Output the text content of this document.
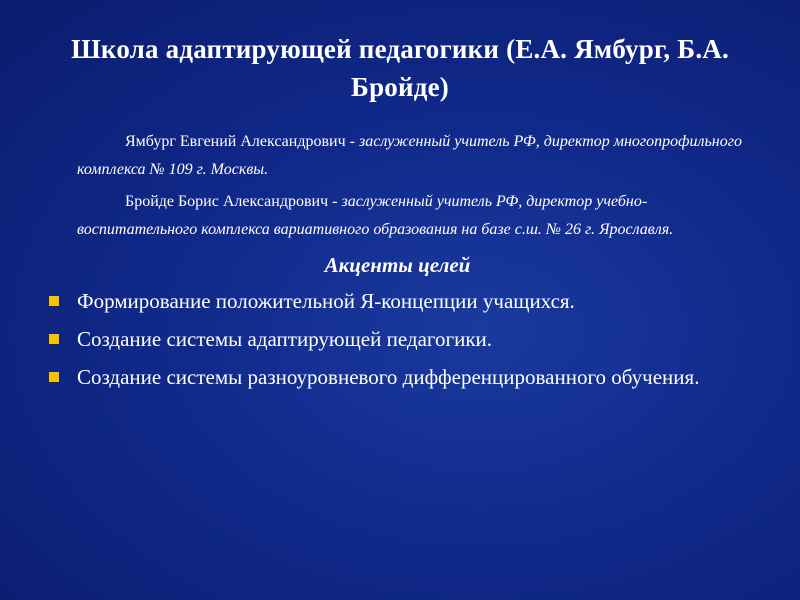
Школа адаптирующей педагогики (Е.А. Ямбург, Б.А. Бройде)

Ямбург Евгений Александрович - заслуженный учитель РФ, директор многопрофильного комплекса № 109 г. Москвы.

Бройде Борис Александрович - заслуженный учитель РФ, директор учебно-воспитательного комплекса вариативного образования на базе с.ш. № 26 г. Ярославля.

Акценты целей
Формирование положительной Я-концепции учащихся.
Создание системы адаптирующей педагогики.
Создание системы разноуровневого дифференцированного обучения.
